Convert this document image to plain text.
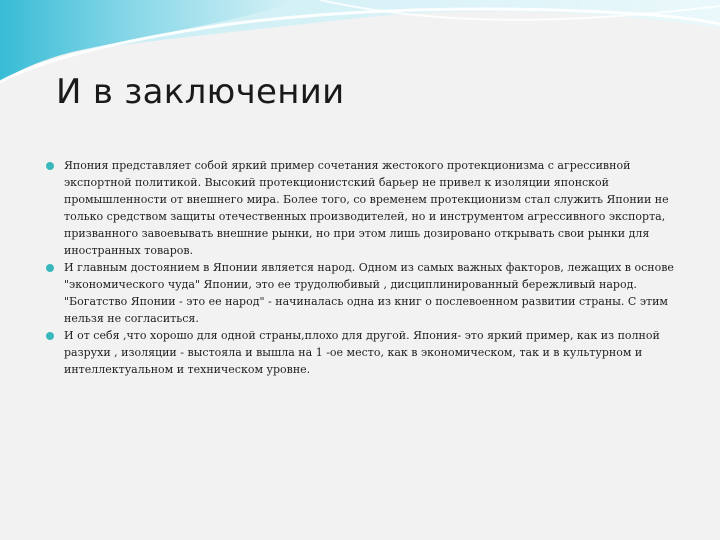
И в заключении
Япония представляет собой яркий пример сочетания жестокого протекционизма с агрессивной экспортной политикой. Высокий протекционистский барьер не привел к изоляции японской промышленности от внешнего мира. Более того, со временем протекционизм стал служить Японии не только средством защиты отечественных производителей, но и инструментом агрессивного экспорта, призванного завоевывать внешние рынки, но при этом лишь дозировано открывать свои рынки для иностранных товаров.
И главным достоянием в Японии является народ. Одном из самых важных факторов, лежащих в основе "экономического чуда" Японии, это ее трудолюбивый , дисциплинированный бережливый народ. "Богатство Японии - это ее народ" - начиналась одна из книг о послевоенном развитии страны. С этим нельзя не согласиться.
И от себя ,что хорошо для одной страны,плохо для другой. Япония- это яркий пример, как из полной разрухи , изоляции - выстояла и вышла на 1 -ое место, как в экономическом, так и в культурном и интеллектуальном и техническом уровне.
